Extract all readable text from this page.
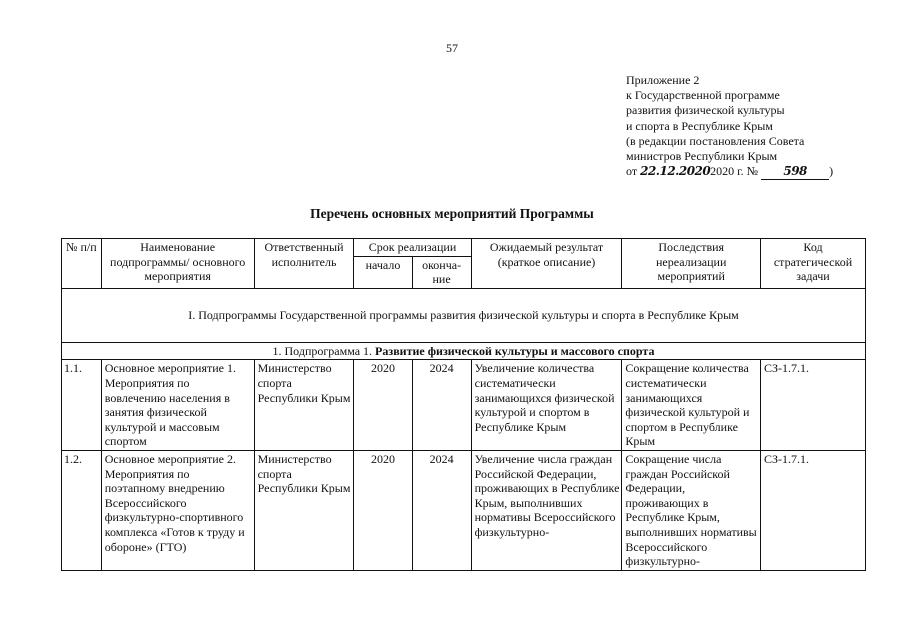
57
Приложение 2
к Государственной программе
развития физической культуры
и спорта в Республике Крым
(в редакции постановления Совета
министров Республики Крым
от 22.12.20202020 г. № 598 )
Перечень основных мероприятий Программы
№ п/п	Наименование подпрограммы/ основного мероприятия	Ответственный исполнитель	Срок реализации		Ожидаемый результат (краткое описание)	Последствия нереализации мероприятий	Код стратегической задачи
			начало	оконча-ние			
I. Подпрограммы Государственной программы развития физической культуры и спорта в Республике Крым							
1. Подпрограмма 1. Развитие физической культуры и массового спорта							
1.1.	Основное мероприятие 1. Мероприятия по вовлечению населения в занятия физической культурой и массовым спортом	Министерство спорта Республики Крым	2020	2024	Увеличение количества систематически занимающихся физической культурой и спортом в Республике Крым	Сокращение количества систематически занимающихся физической культурой и спортом в Республике Крым	СЗ-1.7.1.
1.2.	Основное мероприятие 2. Мероприятия по поэтапному внедрению Всероссийского физкультурно-спортивного комплекса «Готов к труду и обороне» (ГТО)	Министерство спорта Республики Крым	2020	2024	Увеличение числа граждан Российской Федерации, проживающих в Республике Крым, выполнивших нормативы Всероссийского физкультурно-	Сокращение числа граждан Российской Федерации, проживающих в Республике Крым, выполнивших нормативы Всероссийского физкультурно-	СЗ-1.7.1.
